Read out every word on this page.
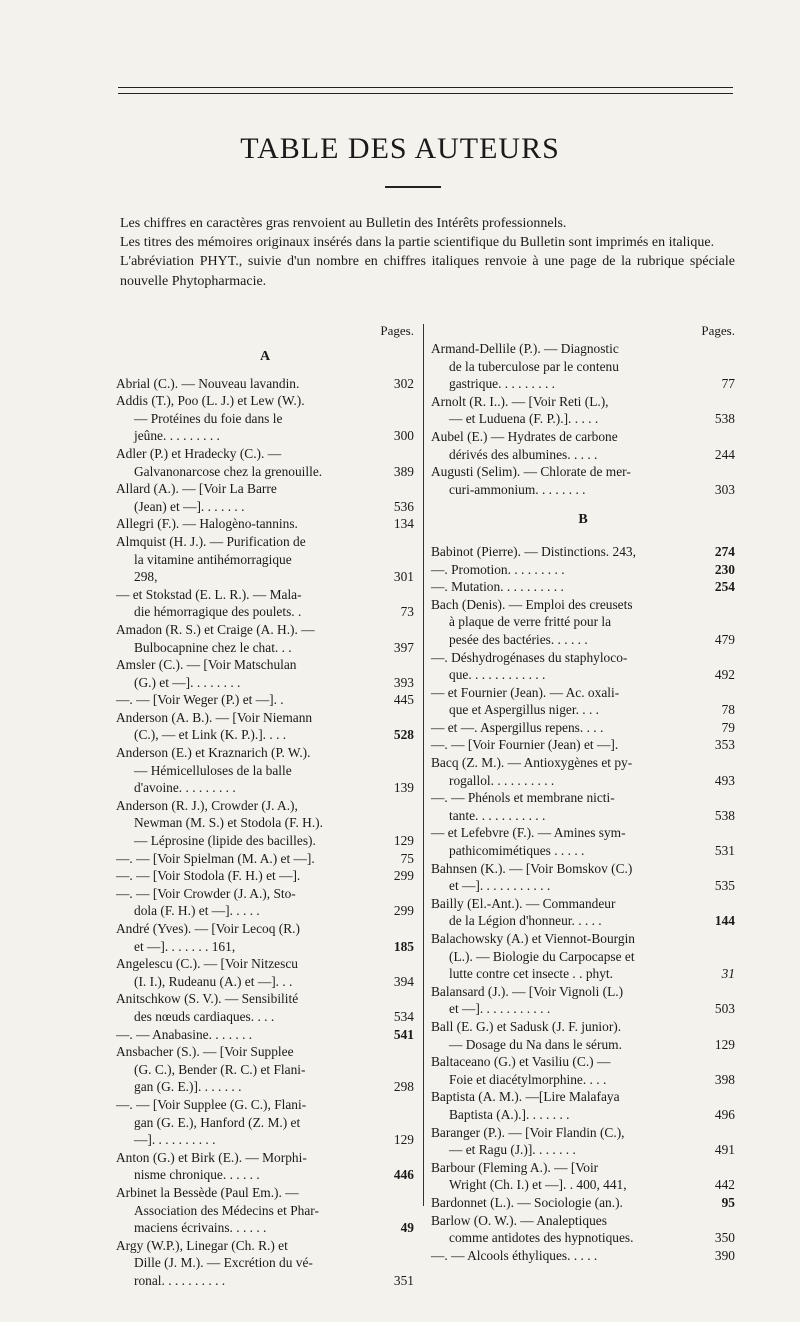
TABLE DES AUTEURS

Les chiffres en caractères gras renvoient au Bulletin des Intérêts professionnels.

Les titres des mémoires originaux insérés dans la partie scientifique du Bulletin sont imprimés en italique.

L'abréviation PHYT., suivie d'un nombre en chiffres italiques renvoie à une page de la rubrique spéciale nouvelle Phytopharmacie.

Pages.
A
Abrial (C.). — Nouveau lavandin.	302
Addis (T.), Poo (L. J.) et Lew (W.).
— Protéines du foie dans le
jeûne. . . . . . . . .	300
Adler (P.) et Hradecky (C.). —
Galvanonarcose chez la grenouille.	389
Allard (A.). — [Voir La Barre
(Jean) et —]. . . . . . .	536
Allegri (F.). — Halogèno-tannins.	134
Almquist (H. J.). — Purification de
la vitamine antihémorragique
298,	301
— et Stokstad (E. L. R.). — Mala-
die hémorragique des poulets. .	73
Amadon (R. S.) et Craige (A. H.). —
Bulbocapnine chez le chat. . .	397
Amsler (C.). — [Voir Matschulan
(G.) et —]. . . . . . . .	393
—. — [Voir Weger (P.) et —]. .	445
Anderson (A. B.). — [Voir Niemann
(C.), — et Link (K. P.).]. . . .	528
Anderson (E.) et Kraznarich (P. W.).
— Hémicelluloses de la balle
d'avoine. . . . . . . . .	139
Anderson (R. J.), Crowder (J. A.),
Newman (M. S.) et Stodola (F. H.).
— Léprosine (lipide des bacilles).	129
—. — [Voir Spielman (M. A.) et —].	75
—. — [Voir Stodola (F. H.) et —].	299
—. — [Voir Crowder (J. A.), Sto-
dola (F. H.) et —]. . . . .	299
André (Yves). — [Voir Lecoq (R.)
et —]. . . . . . . 161,	185
Angelescu (C.). — [Voir Nitzescu
(I. I.), Rudeanu (A.) et —]. . .	394
Anitschkow (S. V.). — Sensibilité
des nœuds cardiaques. . . .	534
—. — Anabasine. . . . . . .	541
Ansbacher (S.). — [Voir Supplee
(G. C.), Bender (R. C.) et Flani-
gan (G. E.)]. . . . . . .	298
—. — [Voir Supplee (G. C.), Flani-
gan (G. E.), Hanford (Z. M.) et
—]. . . . . . . . . .	129
Anton (G.) et Birk (E.). — Morphi-
nisme chronique. . . . . .	446
Arbinet la Bessède (Paul Em.). —
Association des Médecins et Phar-
maciens écrivains. . . . . .	49
Argy (W.P.), Linegar (Ch. R.) et
Dille (J. M.). — Excrétion du vé-
ronal. . . . . . . . . .	351
Pages.
Armand-Dellile (P.). — Diagnostic
de la tuberculose par le contenu
gastrique. . . . . . . . .	77
Arnolt (R. I..). — [Voir Reti (L.),
— et Luduena (F. P.).]. . . . .	538
Aubel (E.) — Hydrates de carbone
dérivés des albumines. . . . .	244
Augusti (Selim). — Chlorate de mer-
curi-ammonium. . . . . . . .	303
B
Babinot (Pierre). — Distinctions. 243,	274
—. Promotion. . . . . . . . .	230
—. Mutation. . . . . . . . . .	254
Bach (Denis). — Emploi des creusets
à plaque de verre fritté pour la
pesée des bactéries. . . . . .	479
—. Déshydrogénases du staphyloco-
que. . . . . . . . . . . .	492
— et Fournier (Jean). — Ac. oxali-
que et Aspergillus niger. . . .	78
— et —. Aspergillus repens. . . .	79
—. — [Voir Fournier (Jean) et —].	353
Bacq (Z. M.). — Antioxygènes et py-
rogallol. . . . . . . . . .	493
—. — Phénols et membrane nicti-
tante. . . . . . . . . . .	538
— et Lefebvre (F.). — Amines sym-
pathicomimétiques . . . . .	531
Bahnsen (K.). — [Voir Bomskov (C.)
et —]. . . . . . . . . . .	535
Bailly (El.-Ant.). — Commandeur
de la Légion d'honneur. . . . .	144
Balachowsky (A.) et Viennot-Bourgin
(L.). — Biologie du Carpocapse et
lutte contre cet insecte . . phyt.	31
Balansard (J.). — [Voir Vignoli (L.)
et —]. . . . . . . . . . .	503
Ball (E. G.) et Sadusk (J. F. junior).
— Dosage du Na dans le sérum.	129
Baltaceano (G.) et Vasiliu (C.) —
Foie et diacétylmorphine. . . .	398
Baptista (A. M.). —[Lire Malafaya
Baptista (A.).]. . . . . . .	496
Baranger (P.). — [Voir Flandin (C.),
— et Ragu (J.)]. . . . . . .	491
Barbour (Fleming A.). — [Voir
Wright (Ch. I.) et —]. . 400, 441,	442
Bardonnet (L.). — Sociologie (an.).	95
Barlow (O. W.). — Analeptiques
comme antidotes des hypnotiques.	350
—. — Alcools éthyliques. . . . .	390
